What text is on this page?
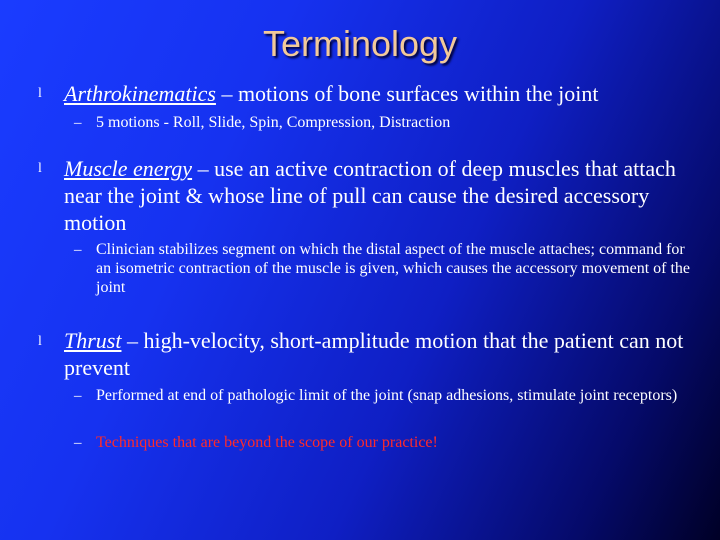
Terminology
l Arthrokinematics – motions of bone surfaces within the joint
– 5 motions - Roll, Slide, Spin, Compression, Distraction
l Muscle energy – use an active contraction of deep muscles that attach near the joint & whose line of pull can cause the desired accessory motion
– Clinician stabilizes segment on which the distal aspect of the muscle attaches; command for an isometric contraction of the muscle is given, which causes the accessory movement of the joint
l Thrust – high-velocity, short-amplitude motion that the patient can not prevent
– Performed at end of pathologic limit of the joint (snap adhesions, stimulate joint receptors)
– Techniques that are beyond the scope of our practice!
